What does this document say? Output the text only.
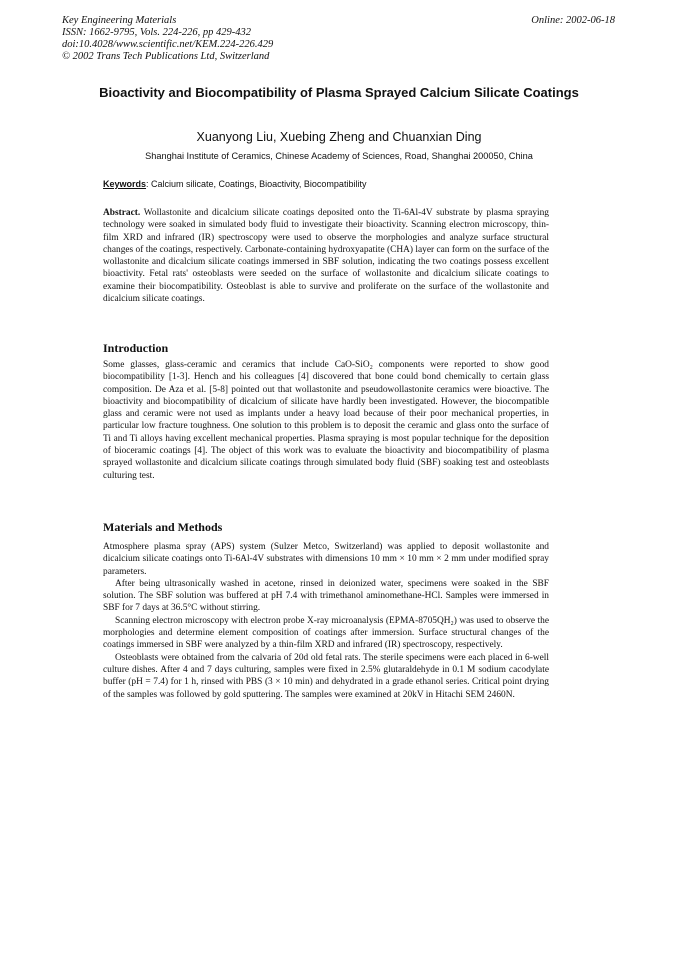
Key Engineering Materials
ISSN: 1662-9795, Vols. 224-226, pp 429-432
doi:10.4028/www.scientific.net/KEM.224-226.429
© 2002 Trans Tech Publications Ltd, Switzerland
Online: 2002-06-18
Bioactivity and Biocompatibility of Plasma Sprayed Calcium Silicate Coatings
Xuanyong Liu, Xuebing Zheng and Chuanxian Ding
Shanghai Institute of Ceramics, Chinese Academy of Sciences, Road, Shanghai 200050, China
Keywords: Calcium silicate, Coatings, Bioactivity, Biocompatibility
Abstract. Wollastonite and dicalcium silicate coatings deposited onto the Ti-6Al-4V substrate by plasma spraying technology were soaked in simulated body fluid to investigate their bioactivity. Scanning electron microscopy, thin-film XRD and infrared (IR) spectroscopy were used to observe the morphologies and analyze surface structural changes of the coatings, respectively. Carbonate-containing hydroxyapatite (CHA) layer can form on the surface of the wollastonite and dicalcium silicate coatings immersed in SBF solution, indicating the two coatings possess excellent bioactivity. Fetal rats' osteoblasts were seeded on the surface of wollastonite and dicalcium silicate coatings to examine their biocompatibility. Osteoblast is able to survive and proliferate on the surface of the wollastonite and dicalcium silicate coatings.
Introduction
Some glasses, glass-ceramic and ceramics that include CaO-SiO₂ components were reported to show good biocompatibility [1-3]. Hench and his colleagues [4] discovered that bone could bond chemically to certain glass composition. De Aza et al. [5-8] pointed out that wollastonite and pseudowollastonite ceramics were bioactive. The bioactivity and biocompatibility of dicalcium of silicate have hardly been investigated. However, the biocompatible glass and ceramic were not used as implants under a heavy load because of their poor mechanical properties, in particular low fracture toughness. One solution to this problem is to deposit the ceramic and glass onto the surface of Ti and Ti alloys having excellent mechanical properties. Plasma spraying is most popular technique for the deposition of bioceramic coatings [4]. The object of this work was to evaluate the bioactivity and biocompatibility of plasma sprayed wollastonite and dicalcium silicate coatings through simulated body fluid (SBF) soaking test and osteoblasts culturing test.
Materials and Methods

Atmosphere plasma spray (APS) system (Sulzer Metco, Switzerland) was applied to deposit wollastonite and dicalcium silicate coatings onto Ti-6Al-4V substrates with dimensions 10 mm × 10 mm × 2 mm under modified spray parameters.

After being ultrasonically washed in acetone, rinsed in deionized water, specimens were soaked in the SBF solution. The SBF solution was buffered at pH 7.4 with trimethanol aminomethane-HCl. Samples were immersed in SBF for 7 days at 36.5°C without stirring.

Scanning electron microscopy with electron probe X-ray microanalysis (EPMA-8705QH₂) was used to observe the morphologies and determine element composition of coatings after immersion. Surface structural changes of the coatings immersed in SBF were analyzed by a thin-film XRD and infrared (IR) spectroscopy, respectively.

Osteoblasts were obtained from the calvaria of 20d old fetal rats. The sterile specimens were each placed in 6-well culture dishes. After 4 and 7 days culturing, samples were fixed in 2.5% glutaraldehyde in 0.1 M sodium cacodylate buffer (pH = 7.4) for 1 h, rinsed with PBS (3 × 10 min) and dehydrated in a grade ethanol series. Critical point drying of the samples was followed by gold sputtering. The samples were examined at 20kV in Hitachi SEM 2460N.
